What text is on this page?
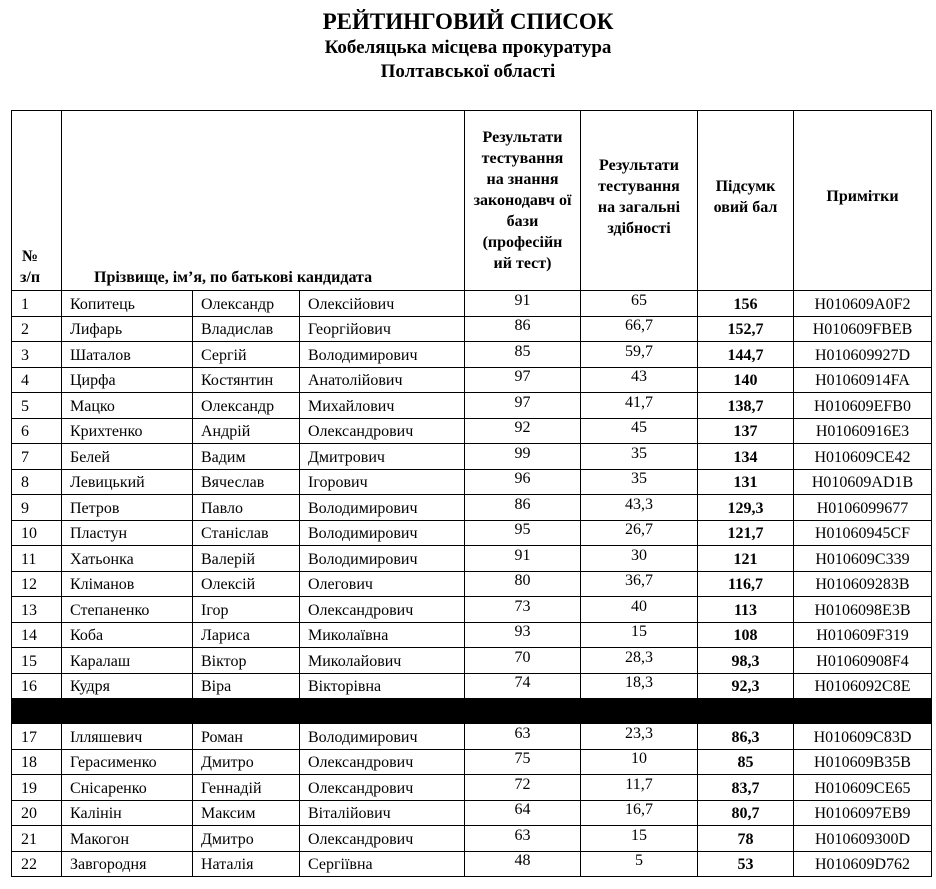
РЕЙТИНГОВИЙ СПИСОК
Кобеляцька місцева прокуратура
Полтавської області
№ з/п	Прізвище, ім’я, по батькові кандидата			Результати тестування на знання законодавч ої бази (професійн ий тест)	Результати тестування на загальні здібності	Підсумк овий бал	Примітки
1	Копитець	Олександр	Олексійович	91	65	156	Н010609А0F2
2	Лифарь	Владислав	Георгійович	86	66,7	152,7	Н010609FBEB
3	Шаталов	Сергій	Володимирович	85	59,7	144,7	Н010609927D
4	Цирфа	Костянтин	Анатолійович	97	43	140	Н01060914FA
5	Мацко	Олександр	Михайлович	97	41,7	138,7	Н010609EFB0
6	Крихтенко	Андрій	Олександрович	92	45	137	Н01060916E3
7	Белей	Вадим	Дмитрович	99	35	134	Н010609CE42
8	Левицький	Вячеслав	Ігорович	96	35	131	Н010609AD1B
9	Петров	Павло	Володимирович	86	43,3	129,3	Н0106099677
10	Пластун	Станіслав	Володимирович	95	26,7	121,7	Н01060945CF
11	Хатьонка	Валерій	Володимирович	91	30	121	Н010609C339
12	Кліманов	Олексій	Олегович	80	36,7	116,7	Н010609283B
13	Степаненко	Ігор	Олександрович	73	40	113	Н0106098E3B
14	Коба	Лариса	Миколаївна	93	15	108	Н010609F319
15	Каралаш	Віктор	Миколайович	70	28,3	98,3	Н01060908F4
16	Кудря	Віра	Вікторівна	74	18,3	92,3	Н0106092C8E

17	Ілляшевич	Роман	Володимирович	63	23,3	86,3	Н010609C83D
18	Герасименко	Дмитро	Олександрович	75	10	85	Н010609B35B
19	Снісаренко	Геннадій	Олександрович	72	11,7	83,7	Н010609CE65
20	Калінін	Максим	Віталійович	64	16,7	80,7	Н0106097EB9
21	Макогон	Дмитро	Олександрович	63	15	78	Н010609300D
22	Завгородня	Наталія	Сергіївна	48	5	53	Н010609D762
